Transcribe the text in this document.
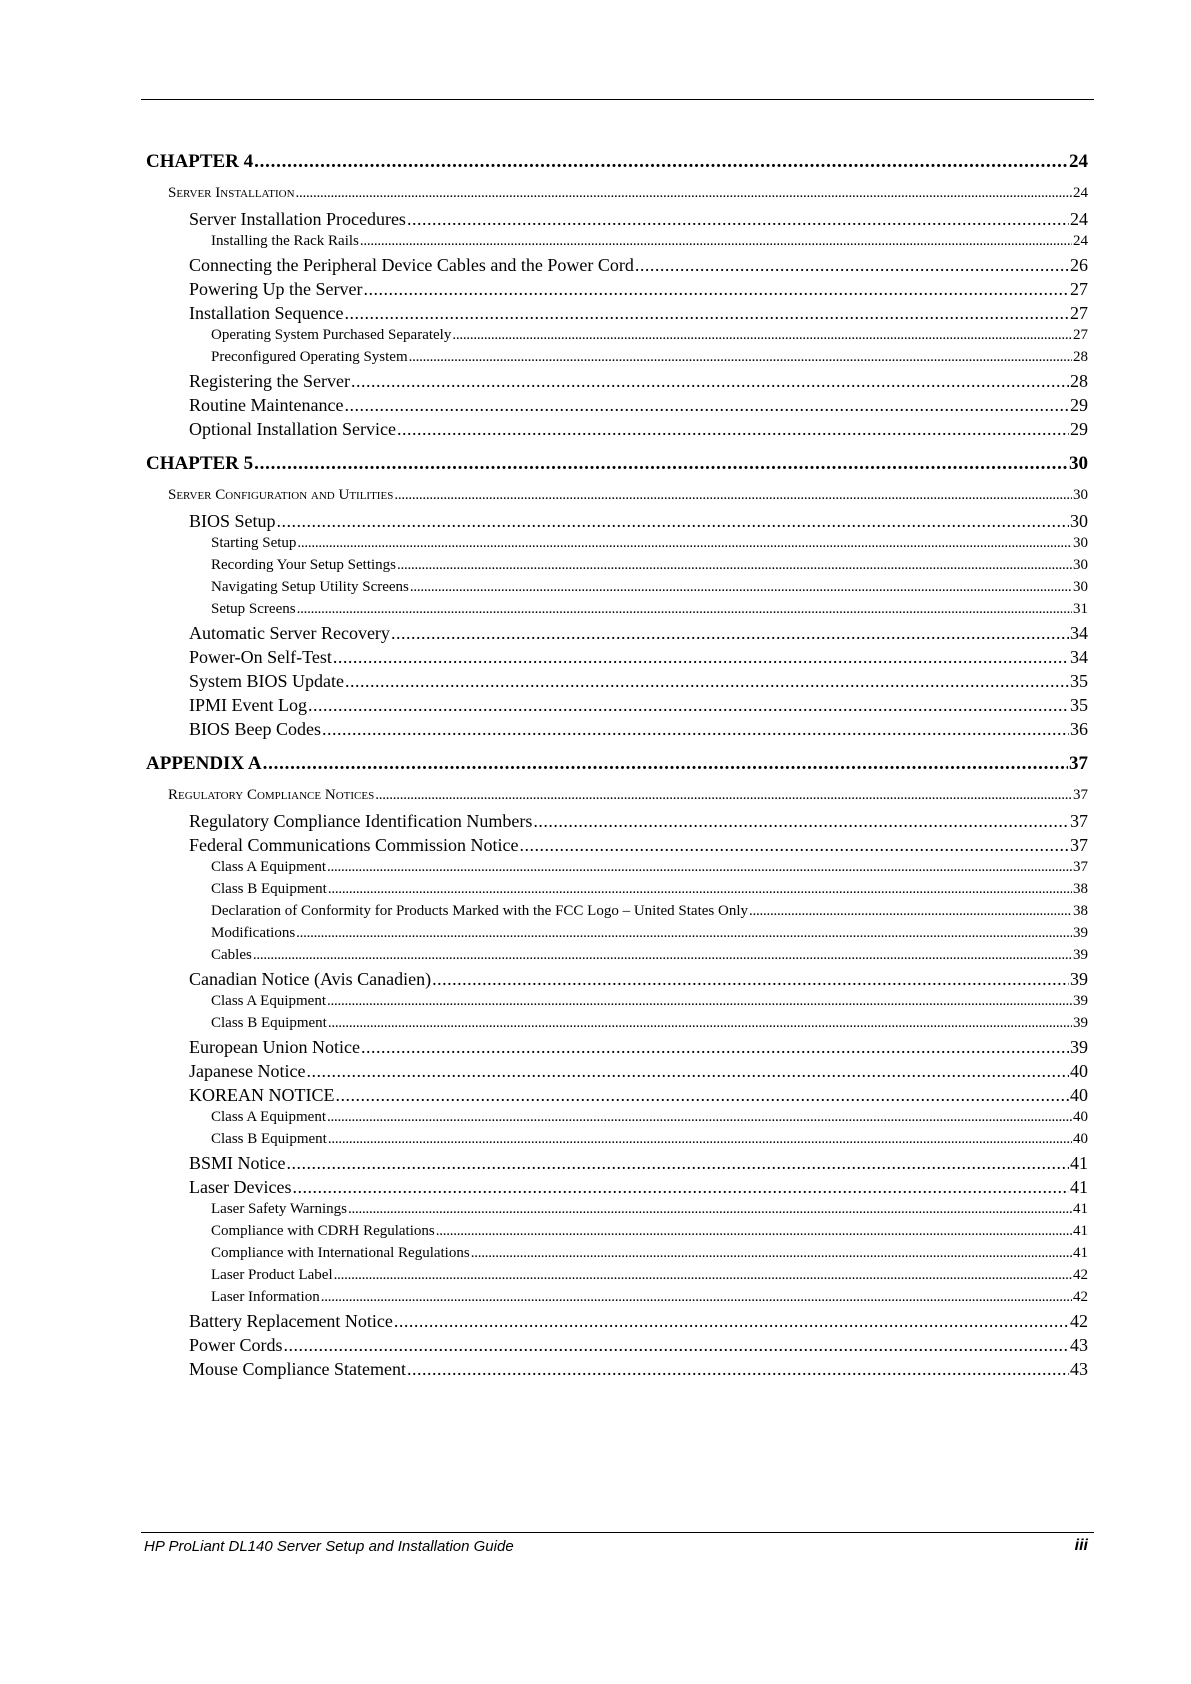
CHAPTER 4 . . .	24
Server Installation . . .	24
Server Installation Procedures . . .	24
Installing the Rack Rails . . .	24
Connecting the Peripheral Device Cables and the Power Cord . . .	26
Powering Up the Server . . .	27
Installation Sequence . . .	27
Operating System Purchased Separately . . .	27
Preconfigured Operating System . . .	28
Registering the Server . . .	28
Routine Maintenance . . .	29
Optional Installation Service . . .	29
CHAPTER 5 . . .	30
Server Configuration and Utilities . . .	30
BIOS Setup . . .	30
Starting Setup . . .	30
Recording Your Setup Settings . . .	30
Navigating Setup Utility Screens . . .	30
Setup Screens . . .	31
Automatic Server Recovery . . .	34
Power-On Self-Test . . .	34
System BIOS Update . . .	35
IPMI Event Log . . .	35
BIOS Beep Codes . . .	36
APPENDIX A . . .	37
Regulatory Compliance Notices . . .	37
Regulatory Compliance Identification Numbers . . .	37
Federal Communications Commission Notice . . .	37
Class A Equipment . . .	37
Class B Equipment . . .	38
Declaration of Conformity for Products Marked with the FCC Logo – United States Only . . .	38
Modifications . . .	39
Cables . . .	39
Canadian Notice (Avis Canadien) . . .	39
Class A Equipment . . .	39
Class B Equipment . . .	39
European Union Notice . . .	39
Japanese Notice . . .	40
KOREAN NOTICE . . .	40
Class A Equipment . . .	40
Class B Equipment . . .	40
BSMI Notice . . .	41
Laser Devices . . .	41
Laser Safety Warnings . . .	41
Compliance with CDRH Regulations . . .	41
Compliance with International Regulations . . .	41
Laser Product Label . . .	42
Laser Information . . .	42
Battery Replacement Notice . . .	42
Power Cords . . .	43
Mouse Compliance Statement . . .	43
HP ProLiant DL140 Server Setup and Installation Guide	iii
